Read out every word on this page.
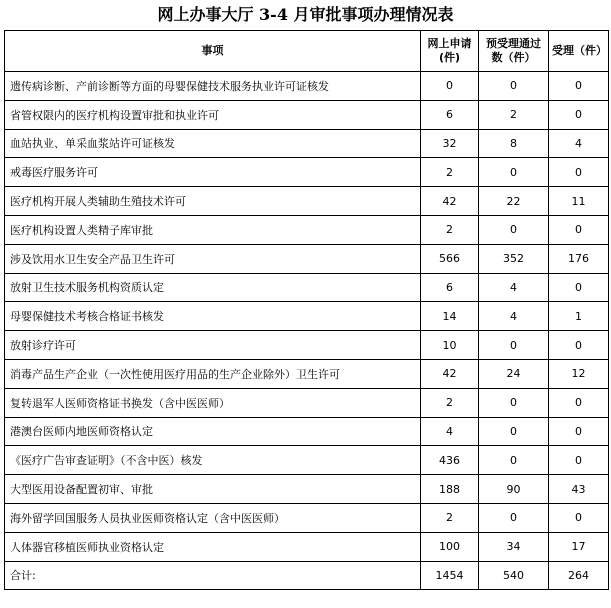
网上办事大厅 3-4 月审批事项办理情况表
事项	网上申请(件)	预受理通过数（件）	受理（件）
遗传病诊断、产前诊断等方面的母婴保健技术服务执业许可证核发	0	0	0
省管权限内的医疗机构设置审批和执业许可	6	2	0
血站执业、单采血浆站许可证核发	32	8	4
戒毒医疗服务许可	2	0	0
医疗机构开展人类辅助生殖技术许可	42	22	11
医疗机构设置人类精子库审批	2	0	0
涉及饮用水卫生安全产品卫生许可	566	352	176
放射卫生技术服务机构资质认定	6	4	0
母婴保健技术考核合格证书核发	14	4	1
放射诊疗许可	10	0	0
消毒产品生产企业（一次性使用医疗用品的生产企业除外）卫生许可	42	24	12
复转退军人医师资格证书换发（含中医医师）	2	0	0
港澳台医师内地医师资格认定	4	0	0
《医疗广告审查证明》（不含中医）核发	436	0	0
大型医用设备配置初审、审批	188	90	43
海外留学回国服务人员执业医师资格认定（含中医医师）	2	0	0
人体器官移植医师执业资格认定	100	34	17
合计:	1454	540	264
